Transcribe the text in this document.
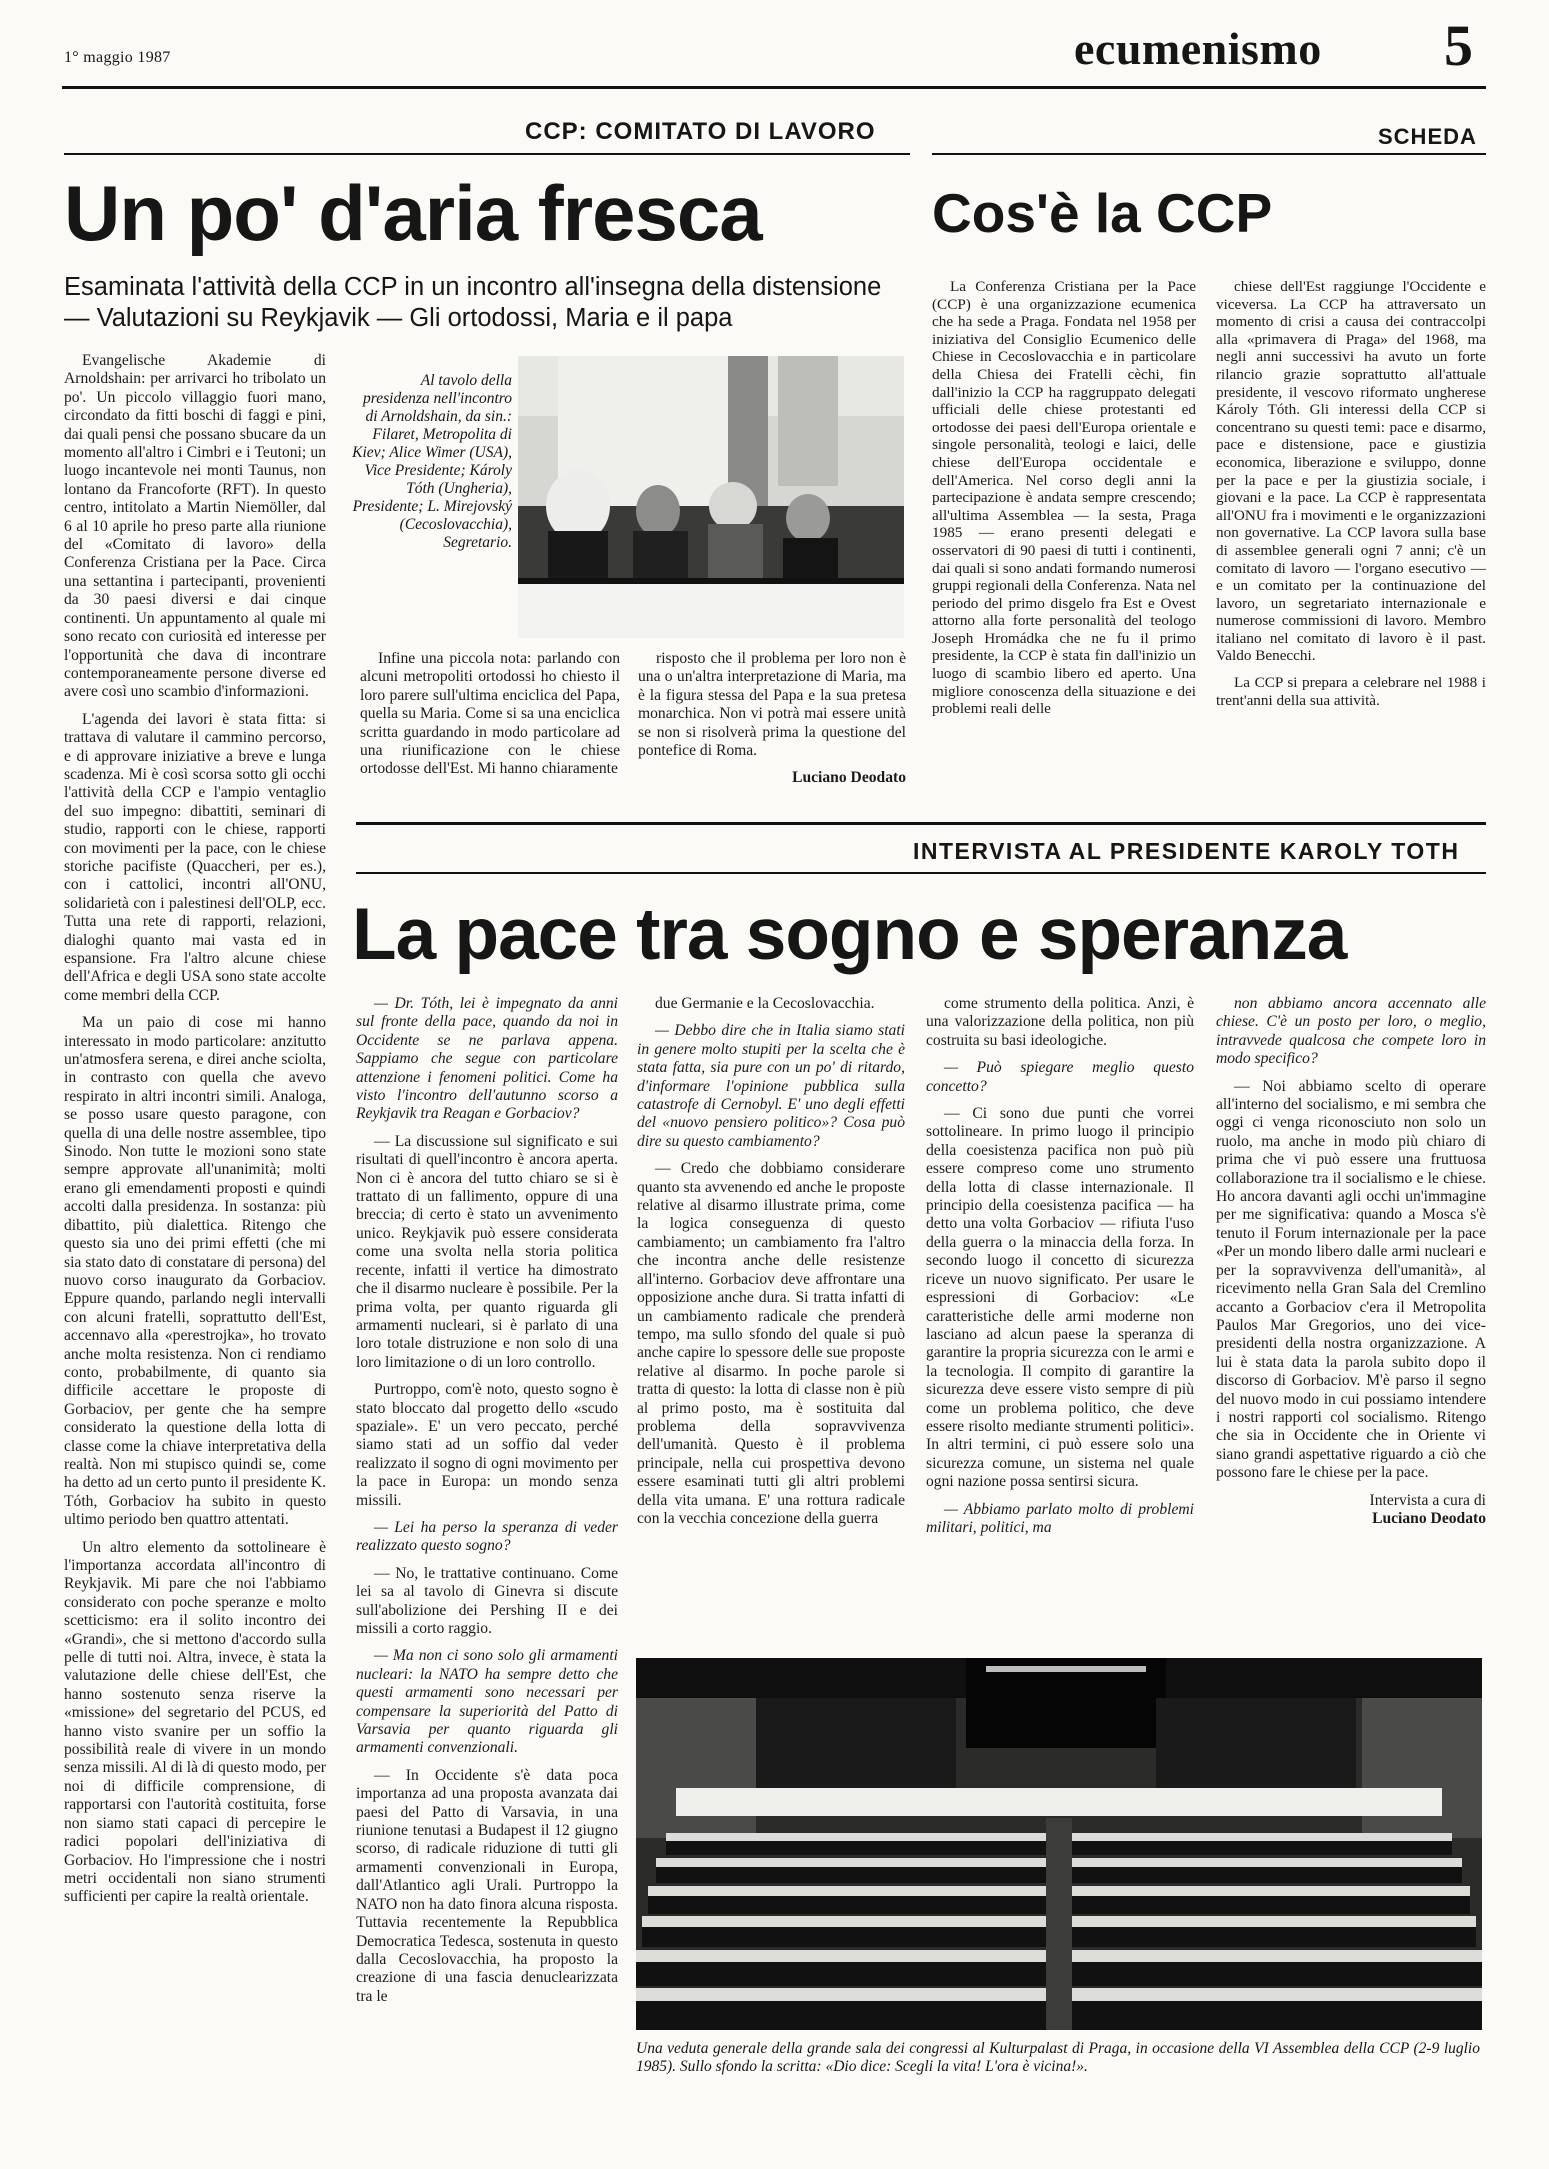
1° maggio 1987	ecumenismo 5
CCP: COMITATO DI LAVORO
Un po' d'aria fresca
Esaminata l'attività della CCP in un incontro all'insegna della distensione — Valutazioni su Reykjavik — Gli ortodossi, Maria e il papa
SCHEDA
Cos'è la CCP

Evangelische Akademie di Arnoldshain: per arrivarci ho tribolato un po'. Un piccolo villaggio fuori mano, circondato da fitti boschi di faggi e pini, dai quali pensi che possano sbucare da un momento all'altro i Cimbri e i Teutoni; un luogo incantevole nei monti Taunus, non lontano da Francoforte (RFT). In questo centro, intitolato a Martin Niemöller, dal 6 al 10 aprile ho preso parte alla riunione del «Comitato di lavoro» della Conferenza Cristiana per la Pace. Circa una settantina i partecipanti, provenienti da 30 paesi diversi e dai cinque continenti. Un appuntamento al quale mi sono recato con curiosità ed interesse per l'opportunità che dava di incontrare contemporaneamente persone diverse ed avere così uno scambio d'informazioni.

L'agenda dei lavori è stata fitta: si trattava di valutare il cammino percorso, e di approvare iniziative a breve e lunga scadenza. Mi è così scorsa sotto gli occhi l'attività della CCP e l'ampio ventaglio del suo impegno: dibattiti, seminari di studio, rapporti con le chiese, rapporti con movimenti per la pace, con le chiese storiche pacifiste (Quaccheri, per es.), con i cattolici, incontri all'ONU, solidarietà con i palestinesi dell'OLP, ecc. Tutta una rete di rapporti, relazioni, dialoghi quanto mai vasta ed in espansione. Fra l'altro alcune chiese dell'Africa e degli USA sono state accolte come membri della CCP.

Ma un paio di cose mi hanno interessato in modo particolare: anzitutto un'atmosfera serena, e direi anche sciolta, in contrasto con quella che avevo respirato in altri incontri simili. Analoga, se posso usare questo paragone, con quella di una delle nostre assemblee, tipo Sinodo. Non tutte le mozioni sono state sempre approvate all'unanimità; molti erano gli emendamenti proposti e quindi accolti dalla presidenza. In sostanza: più dibattito, più dialettica. Ritengo che questo sia uno dei primi effetti (che mi sia stato dato di constatare di persona) del nuovo corso inaugurato da Gorbaciov. Eppure quando, parlando negli intervalli con alcuni fratelli, soprattutto dell'Est, accennavo alla «perestrojka», ho trovato anche molta resistenza. Non ci rendiamo conto, probabilmente, di quanto sia difficile accettare le proposte di Gorbaciov, per gente che ha sempre considerato la questione della lotta di classe come la chiave interpretativa della realtà. Non mi stupisco quindi se, come ha detto ad un certo punto il presidente K. Tóth, Gorbaciov ha subito in questo ultimo periodo ben quattro attentati.

Un altro elemento da sottolineare è l'importanza accordata all'incontro di Reykjavik. Mi pare che noi l'abbiamo considerato con poche speranze e molto scetticismo: era il solito incontro dei «Grandi», che si mettono d'accordo sulla pelle di tutti noi. Altra, invece, è stata la valutazione delle chiese dell'Est, che hanno sostenuto senza riserve la «missione» del segretario del PCUS, ed hanno visto svanire per un soffio la possibilità reale di vivere in un mondo senza missili. Al di là di questo modo, per noi di difficile comprensione, di rapportarsi con l'autorità costituita, forse non siamo stati capaci di percepire le radici popolari dell'iniziativa di Gorbaciov. Ho l'impressione che i nostri metri occidentali non siano strumenti sufficienti per capire la realtà orientale.

Al tavolo della presidenza nell'incontro di Arnoldshain, da sin.: Filaret, Metropolita di Kiev; Alice Wimer (USA), Vice Presidente; Károly Tóth (Ungheria), Presidente; L. Mirejovský (Cecoslovacchia), Segretario.

Infine una piccola nota: parlando con alcuni metropoliti ortodossi ho chiesto il loro parere sull'ultima enciclica del Papa, quella su Maria. Come si sa una enciclica scritta guardando in modo particolare ad una riunificazione con le chiese ortodosse dell'Est. Mi hanno chiaramente

risposto che il problema per loro non è una o un'altra interpretazione di Maria, ma è la figura stessa del Papa e la sua pretesa monarchica. Non vi potrà mai essere unità se non si risolverà prima la questione del pontefice di Roma.

Luciano Deodato

La Conferenza Cristiana per la Pace (CCP) è una organizzazione ecumenica che ha sede a Praga. Fondata nel 1958 per iniziativa del Consiglio Ecumenico delle Chiese in Cecoslovacchia e in particolare della Chiesa dei Fratelli cèchi, fin dall'inizio la CCP ha raggruppato delegati ufficiali delle chiese protestanti ed ortodosse dei paesi dell'Europa orientale e singole personalità, teologi e laici, delle chiese dell'Europa occidentale e dell'America. Nel corso degli anni la partecipazione è andata sempre crescendo; all'ultima Assemblea — la sesta, Praga 1985 — erano presenti delegati e osservatori di 90 paesi di tutti i continenti, dai quali si sono andati formando numerosi gruppi regionali della Conferenza. Nata nel periodo del primo disgelo fra Est e Ovest attorno alla forte personalità del teologo Joseph Hromádka che ne fu il primo presidente, la CCP è stata fin dall'inizio un luogo di scambio libero ed aperto. Una migliore conoscenza della situazione e dei problemi reali delle

chiese dell'Est raggiunge l'Occidente e viceversa. La CCP ha attraversato un momento di crisi a causa dei contraccolpi alla «primavera di Praga» del 1968, ma negli anni successivi ha avuto un forte rilancio grazie soprattutto all'attuale presidente, il vescovo riformato ungherese Károly Tóth. Gli interessi della CCP si concentrano su questi temi: pace e disarmo, pace e distensione, pace e giustizia economica, liberazione e sviluppo, donne per la pace e per la giustizia sociale, i giovani e la pace. La CCP è rappresentata all'ONU fra i movimenti e le organizzazioni non governative. La CCP lavora sulla base di assemblee generali ogni 7 anni; c'è un comitato di lavoro — l'organo esecutivo — e un comitato per la continuazione del lavoro, un segretariato internazionale e numerose commissioni di lavoro. Membro italiano nel comitato di lavoro è il past. Valdo Benecchi.

La CCP si prepara a celebrare nel 1988 i trent'anni della sua attività.

INTERVISTA AL PRESIDENTE KAROLY TOTH
La pace tra sogno e speranza

— Dr. Tóth, lei è impegnato da anni sul fronte della pace, quando da noi in Occidente se ne parlava appena. Sappiamo che segue con particolare attenzione i fenomeni politici. Come ha visto l'incontro dell'autunno scorso a Reykjavik tra Reagan e Gorbaciov?

— La discussione sul significato e sui risultati di quell'incontro è ancora aperta. Non ci è ancora del tutto chiaro se si è trattato di un fallimento, oppure di una breccia; di certo è stato un avvenimento unico. Reykjavik può essere considerata come una svolta nella storia politica recente, infatti il vertice ha dimostrato che il disarmo nucleare è possibile. Per la prima volta, per quanto riguarda gli armamenti nucleari, si è parlato di una loro totale distruzione e non solo di una loro limitazione o di un loro controllo.

Purtroppo, com'è noto, questo sogno è stato bloccato dal progetto dello «scudo spaziale». E' un vero peccato, perché siamo stati ad un soffio dal veder realizzato il sogno di ogni movimento per la pace in Europa: un mondo senza missili.

— Lei ha perso la speranza di veder realizzato questo sogno?

— No, le trattative continuano. Come lei sa al tavolo di Ginevra si discute sull'abolizione dei Pershing II e dei missili a corto raggio.

— Ma non ci sono solo gli armamenti nucleari: la NATO ha sempre detto che questi armamenti sono necessari per compensare la superiorità del Patto di Varsavia per quanto riguarda gli armamenti convenzionali.

— In Occidente s'è data poca importanza ad una proposta avanzata dai paesi del Patto di Varsavia, in una riunione tenutasi a Budapest il 12 giugno scorso, di radicale riduzione di tutti gli armamenti convenzionali in Europa, dall'Atlantico agli Urali. Purtroppo la NATO non ha dato finora alcuna risposta. Tuttavia recentemente la Repubblica Democratica Tedesca, sostenuta in questo dalla Cecoslovacchia, ha proposto la creazione di una fascia denuclearizzata tra le

due Germanie e la Cecoslovacchia.

— Debbo dire che in Italia siamo stati in genere molto stupiti per la scelta che è stata fatta, sia pure con un po' di ritardo, d'informare l'opinione pubblica sulla catastrofe di Cernobyl. E' uno degli effetti del «nuovo pensiero politico»? Cosa può dire su questo cambiamento?

— Credo che dobbiamo considerare quanto sta avvenendo ed anche le proposte relative al disarmo illustrate prima, come la logica conseguenza di questo cambiamento; un cambiamento fra l'altro che incontra anche delle resistenze all'interno. Gorbaciov deve affrontare una opposizione anche dura. Si tratta infatti di un cambiamento radicale che prenderà tempo, ma sullo sfondo del quale si può anche capire lo spessore delle sue proposte relative al disarmo. In poche parole si tratta di questo: la lotta di classe non è più al primo posto, ma è sostituita dal problema della sopravvivenza dell'umanità. Questo è il problema principale, nella cui prospettiva devono essere esaminati tutti gli altri problemi della vita umana. E' una rottura radicale con la vecchia concezione della guerra

come strumento della politica. Anzi, è una valorizzazione della politica, non più costruita su basi ideologiche.

— Può spiegare meglio questo concetto?

— Ci sono due punti che vorrei sottolineare. In primo luogo il principio della coesistenza pacifica non può più essere compreso come uno strumento della lotta di classe internazionale. Il principio della coesistenza pacifica — ha detto una volta Gorbaciov — rifiuta l'uso della guerra o la minaccia della forza. In secondo luogo il concetto di sicurezza riceve un nuovo significato. Per usare le espressioni di Gorbaciov: «Le caratteristiche delle armi moderne non lasciano ad alcun paese la speranza di garantire la propria sicurezza con le armi e la tecnologia. Il compito di garantire la sicurezza deve essere visto sempre di più come un problema politico, che deve essere risolto mediante strumenti politici». In altri termini, ci può essere solo una sicurezza comune, un sistema nel quale ogni nazione possa sentirsi sicura.

— Abbiamo parlato molto di problemi militari, politici, ma

non abbiamo ancora accennato alle chiese. C'è un posto per loro, o meglio, intravvede qualcosa che compete loro in modo specifico?

— Noi abbiamo scelto di operare all'interno del socialismo, e mi sembra che oggi ci venga riconosciuto non solo un ruolo, ma anche in modo più chiaro di prima che vi può essere una fruttuosa collaborazione tra il socialismo e le chiese. Ho ancora davanti agli occhi un'immagine per me significativa: quando a Mosca s'è tenuto il Forum internazionale per la pace «Per un mondo libero dalle armi nucleari e per la sopravvivenza dell'umanità», al ricevimento nella Gran Sala del Cremlino accanto a Gorbaciov c'era il Metropolita Paulos Mar Gregorios, uno dei vice-presidenti della nostra organizzazione. A lui è stata data la parola subito dopo il discorso di Gorbaciov. M'è parso il segno del nuovo modo in cui possiamo intendere i nostri rapporti col socialismo. Ritengo che sia in Occidente che in Oriente vi siano grandi aspettative riguardo a ciò che possono fare le chiese per la pace.

Intervista a cura di

Luciano Deodato

Una veduta generale della grande sala dei congressi al Kulturpalast di Praga, in occasione della VI Assemblea della CCP (2-9 luglio 1985). Sullo sfondo la scritta: «Dio dice: Scegli la vita! L'ora è vicina!».
